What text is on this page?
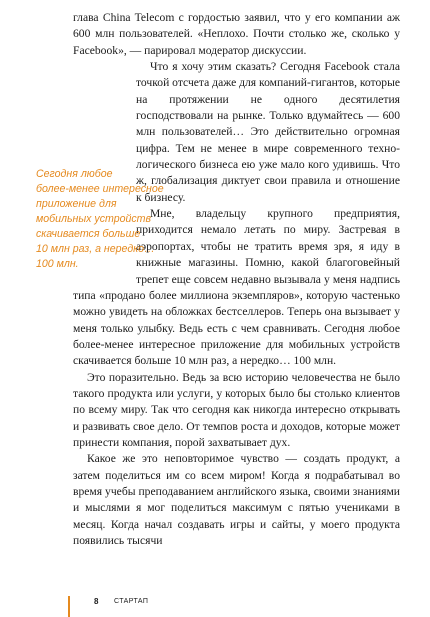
глава China Telecom с гордостью заявил, что у его компании аж 600 млн пользователей. «Неплохо. Почти столько же, сколько у Facebook», — парировал модератор дискуссии.

Что я хочу этим сказать? Сегодня Facebook стала точкой отсчета даже для компаний-гигантов, которые на протяжении не одного десятилетия господствовали на рынке. Только вдумайтесь — 600 млн пользователей… Это действительно огромная цифра. Тем не менее в мире современного технологического бизнеса ею уже мало кого удивишь. Что ж, глобализация диктует свои правила и отношение к бизнесу.

Мне, владельцу крупного предприятия, приходится немало летать по миру. Застревая в аэропортах, чтобы не тратить время зря, я иду в книжные магазины. Помню, какой благоговейный трепет еще совсем недавно вызывала у меня надпись типа «продано более миллиона экземпляров», которую частенько можно увидеть на обложках бестселлеров. Теперь она вызывает у меня только улыбку. Ведь есть с чем сравнивать. Сегодня любое более-менее интересное приложение для мобильных устройств скачивается больше 10 млн раз, а нередко… 100 млн.

Это поразительно. Ведь за всю историю человечества не было такого продукта или услуги, у которых было бы столько клиентов по всему миру. Так что сегодня как никогда интересно открывать и развивать свое дело. От темпов роста и доходов, которые может принести компания, порой захватывает дух.

Какое же это неповторимое чувство — создать продукт, а затем поделиться им со всем миром! Когда я подрабатывал во время учебы преподаванием английского языка, своими знаниями и мыслями я мог поделиться максимум с пятью учениками в месяц. Когда начал создавать игры и сайты, у моего продукта появились тысячи

Сегодня любое
более-менее интересное
приложение для
мобильных устройств
скачивается больше
10 млн раз, а нередко…
100 млн.
8 СТАРТАП
